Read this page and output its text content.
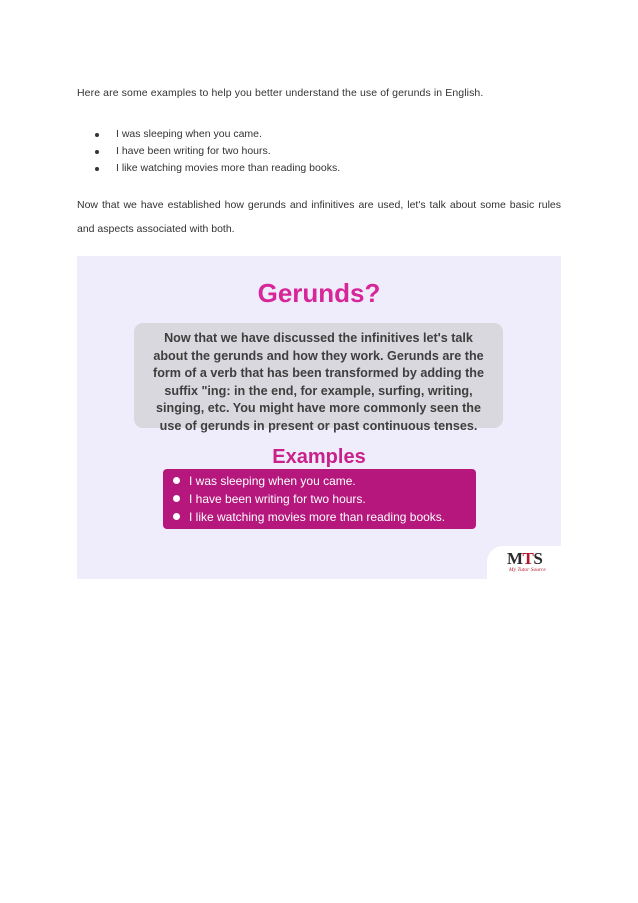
Here are some examples to help you better understand the use of gerunds in English.

I was sleeping when you came.
I have been writing for two hours.
I like watching movies more than reading books.

Now that we have established how gerunds and infinitives are used, let's talk about some basic rules and aspects associated with both.

Gerunds?
Now that we have discussed the infinitives let's talk about the gerunds and how they work. Gerunds are the form of a verb that has been transformed by adding the suffix "ing: in the end, for example, surfing, writing, singing, etc. You might have more commonly seen the use of gerunds in present or past continuous tenses.
Examples
I was sleeping when you came.
I have been writing for two hours.
I like watching movies more than reading books.
MTS
My Tutor Source
